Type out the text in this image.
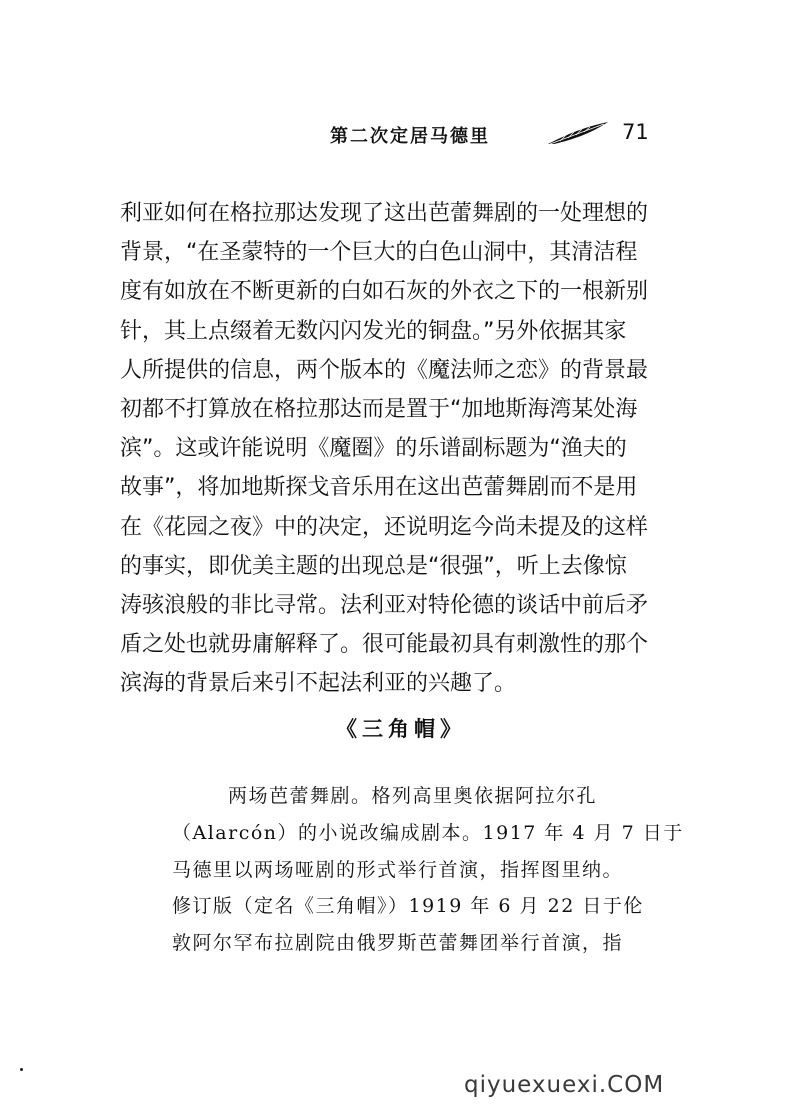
第二次定居马德里	71
利亚如何在格拉那达发现了这出芭蕾舞剧的一处理想的
背景，“在圣蒙特的一个巨大的白色山洞中，其清洁程
度有如放在不断更新的白如石灰的外衣之下的一根新别
针，其上点缀着无数闪闪发光的铜盘。”另外依据其家
人所提供的信息，两个版本的《魔法师之恋》的背景最
初都不打算放在格拉那达而是置于“加地斯海湾某处海
滨”。这或许能说明《魔圈》的乐谱副标题为“渔夫的
故事”，将加地斯探戈音乐用在这出芭蕾舞剧而不是用
在《花园之夜》中的决定，还说明迄今尚未提及的这样
的事实，即优美主题的出现总是“很强”，听上去像惊
涛骇浪般的非比寻常。法利亚对特伦德的谈话中前后矛
盾之处也就毋庸解释了。很可能最初具有刺激性的那个
滨海的背景后来引不起法利亚的兴趣了。
《三角帽》
两场芭蕾舞剧。格列高里奥依据阿拉尔孔
（Alarcón）的小说改编成剧本。1917 年 4 月 7 日于
马德里以两场哑剧的形式举行首演，指挥图里纳。
修订版（定名《三角帽》）1919 年 6 月 22 日于伦
敦阿尔罕布拉剧院由俄罗斯芭蕾舞团举行首演，指
qiyuexuexi.COM
